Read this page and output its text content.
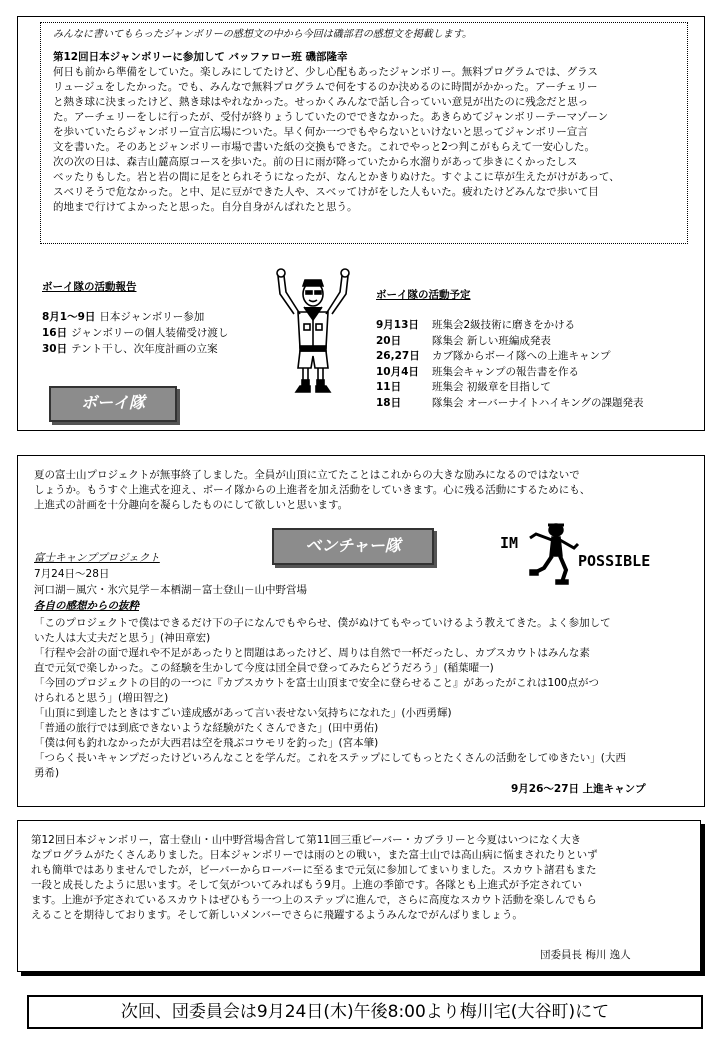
みんなに書いてもらったジャンボリーの感想文の中から今回は磯部君の感想文を掲載します。
第12回日本ジャンボリーに参加して バッファロー班 磯部隆幸
何日も前から準備をしていた。楽しみにしてたけど、少し心配もあったジャンボリー。無料プログラムでは、グラス
リュージュをしたかった。でも、みんなで無料プログラムで何をするのか決めるのに時間がかかった。アーチェリー
と熱き球に決まったけど、熱き球はやれなかった。せっかくみんなで話し合っていい意見が出たのに残念だと思っ
た。アーチェリーをしに行ったが、受付が終りょうしていたのでできなかった。あきらめてジャンボリーテーマゾーン
を歩いていたらジャンボリー宣言広場についた。早く何か一つでもやらないといけないと思ってジャンボリー宣言
文を書いた。そのあとジャンボリー市場で書いた紙の交換もできた。これでやっと2つ判こがもらえて一安心した。
次の次の日は、森吉山麓高原コースを歩いた。前の日に雨が降っていたから水溜りがあって歩きにくかったしス
ベッたりもした。岩と岩の間に足をとられそうになったが、なんとかきりぬけた。すぐよこに草が生えたがけがあって、
スベリそうで危なかった。と中、足に豆ができた人や、スベッてけがをした人もいた。疲れたけどみんなで歩いて目
的地まで行けてよかったと思った。自分自身がんばれたと思う。
ボーイ隊の活動報告
8月1～9日 日本ジャンボリー参加
16日 ジャンボリーの個人装備受け渡し
30日 テント干し、次年度計画の立案
ボーイ隊の活動予定
9月13日 班集会2級技術に磨きをかける
20日	隊集会 新しい班編成発表
26,27日 カブ隊からボーイ隊への上進キャンプ
10月4日 班集会キャンプの報告書を作る
11日	班集会 初級章を目指して
18日	隊集会 オーバーナイトハイキングの課題発表
ボーイ隊
夏の富士山プロジェクトが無事終了しました。全員が山頂に立てたことはこれからの大きな励みになるのではないで
しょうか。もうすぐ上進式を迎え、ボーイ隊からの上進者を加え活動をしていきます。心に残る活動にするためにも、
上進式の計画を十分趣向を凝らしたものにして欲しいと思います。
ベンチャー隊	IM
POSSIBLE
富士キャンププロジェクト
7月24日～28日
河口湖－風穴・氷穴見学－本栖湖－富士登山－山中野営場
各自の感想からの抜粋
「このプロジェクトで僕はできるだけ下の子になんでもやらせ、僕がぬけてもやっていけるよう教えてきた。よく参加して
いた人は大丈夫だと思う」(神田章宏)
「行程や会計の面で遅れや不足があったりと問題はあったけど、周りは自然で一杯だったし、カブスカウトはみんな素
直で元気で楽しかった。この経験を生かして今度は団全員で登ってみたらどうだろう」(稲葉曜一)
「今回のプロジェクトの目的の一つに『カブスカウトを富士山頂まで安全に登らせること』があったがこれは100点がつ
けられると思う」(増田智之)
「山頂に到達したときはすごい達成感があって言い表せない気持ちになれた」(小西勇輝)
「普通の旅行では到底できないような経験がたくさんできた」(田中勇佑)
「僕は何も釣れなかったが大西君は空を飛ぶコウモリを釣った」(宮本肇)
「つらく長いキャンプだったけどいろんなことを学んだ。これをステップにしてもっとたくさんの活動をしてゆきたい」(大西
勇希)
9月26～27日 上進キャンプ
第12回日本ジャンボリー，富士登山・山中野営場舎営して第11回三重ビーバー・カブラリーと今夏はいつになく大き
なプログラムがたくさんありました。日本ジャンボリーでは雨のとの戦い，また富士山では高山病に悩まされたりといず
れも簡単ではありませんでしたが，ビーバーからローバーに至るまで元気に参加してまいりました。スカウト諸君もまた
一段と成長したように思います。そして気がついてみればもう9月。上進の季節です。各隊とも上進式が予定されてい
ます。上進が予定されているスカウトはぜひもう一つ上のステップに進んで，さらに高度なスカウト活動を楽しんでもら
えることを期待しております。そして新しいメンバーでさらに飛躍するようみんなでがんばりましょう。
団委員長 梅川 逸人
次回、団委員会は9月24日(木)午後8:00より梅川宅(大谷町)にて
